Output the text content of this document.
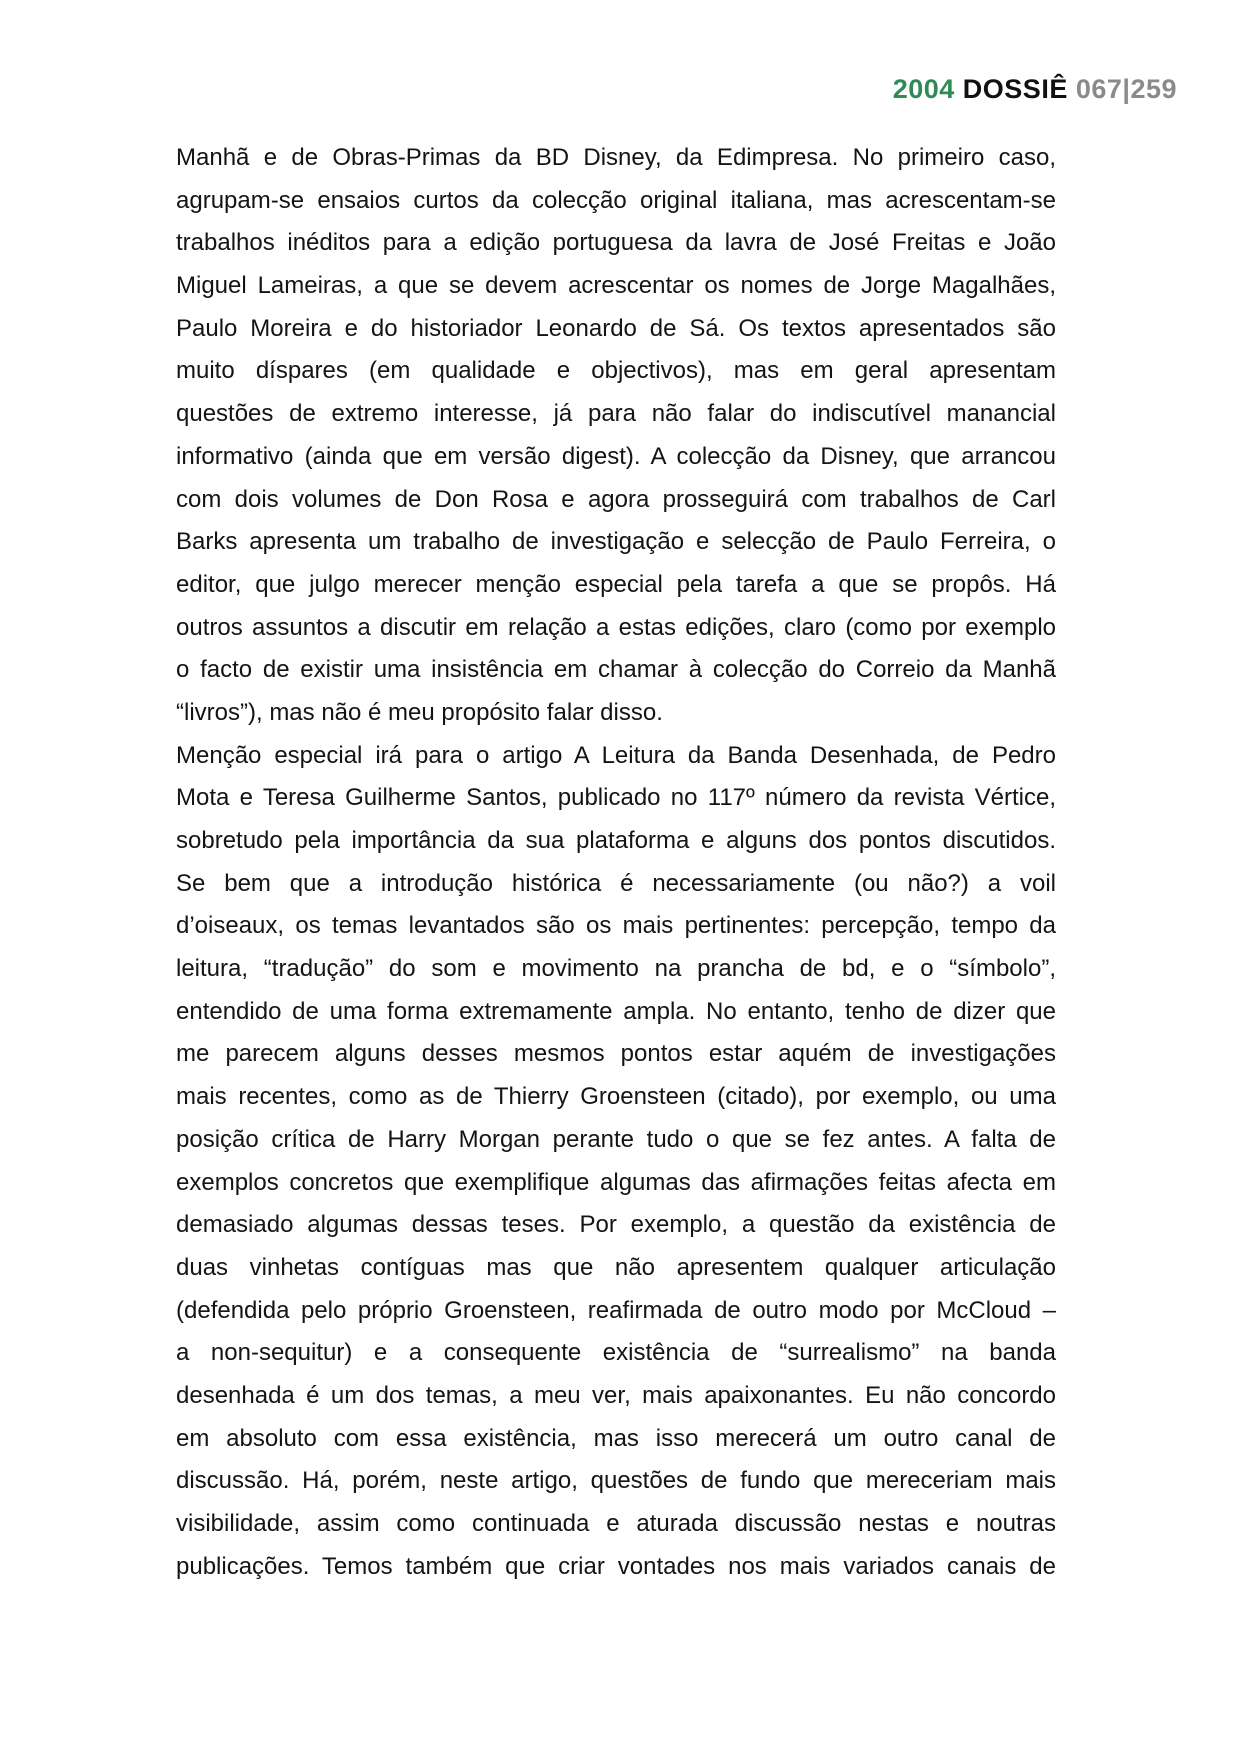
2004 DOSSIÊ 067|259
Manhã e de Obras-Primas da BD Disney, da Edimpresa. No primeiro caso,
agrupam-se ensaios curtos da colecção original italiana, mas acrescentam-se
trabalhos inéditos para a edição portuguesa da lavra de José Freitas e João
Miguel Lameiras, a que se devem acrescentar os nomes de Jorge Magalhães,
Paulo Moreira e do historiador Leonardo de Sá. Os textos apresentados são
muito díspares (em qualidade e objectivos), mas em geral apresentam
questões de extremo interesse, já para não falar do indiscutível manancial
informativo (ainda que em versão digest). A colecção da Disney, que arrancou
com dois volumes de Don Rosa e agora prosseguirá com trabalhos de Carl
Barks apresenta um trabalho de investigação e selecção de Paulo Ferreira, o
editor, que julgo merecer menção especial pela tarefa a que se propôs. Há
outros assuntos a discutir em relação a estas edições, claro (como por exemplo
o facto de existir uma insistência em chamar à colecção do Correio da Manhã
“livros”), mas não é meu propósito falar disso.
Menção especial irá para o artigo A Leitura da Banda Desenhada, de Pedro
Mota e Teresa Guilherme Santos, publicado no 117º número da revista Vértice,
sobretudo pela importância da sua plataforma e alguns dos pontos discutidos.
Se bem que a introdução histórica é necessariamente (ou não?) a voil
d’oiseaux, os temas levantados são os mais pertinentes: percepção, tempo da
leitura, “tradução” do som e movimento na prancha de bd, e o “símbolo”,
entendido de uma forma extremamente ampla. No entanto, tenho de dizer que
me parecem alguns desses mesmos pontos estar aquém de investigações
mais recentes, como as de Thierry Groensteen (citado), por exemplo, ou uma
posição crítica de Harry Morgan perante tudo o que se fez antes. A falta de
exemplos concretos que exemplifique algumas das afirmações feitas afecta em
demasiado algumas dessas teses. Por exemplo, a questão da existência de
duas vinhetas contíguas mas que não apresentem qualquer articulação
(defendida pelo próprio Groensteen, reafirmada de outro modo por McCloud –
a non-sequitur) e a consequente existência de “surrealismo” na banda
desenhada é um dos temas, a meu ver, mais apaixonantes. Eu não concordo
em absoluto com essa existência, mas isso merecerá um outro canal de
discussão. Há, porém, neste artigo, questões de fundo que mereceriam mais
visibilidade, assim como continuada e aturada discussão nestas e noutras
publicações. Temos também que criar vontades nos mais variados canais de
